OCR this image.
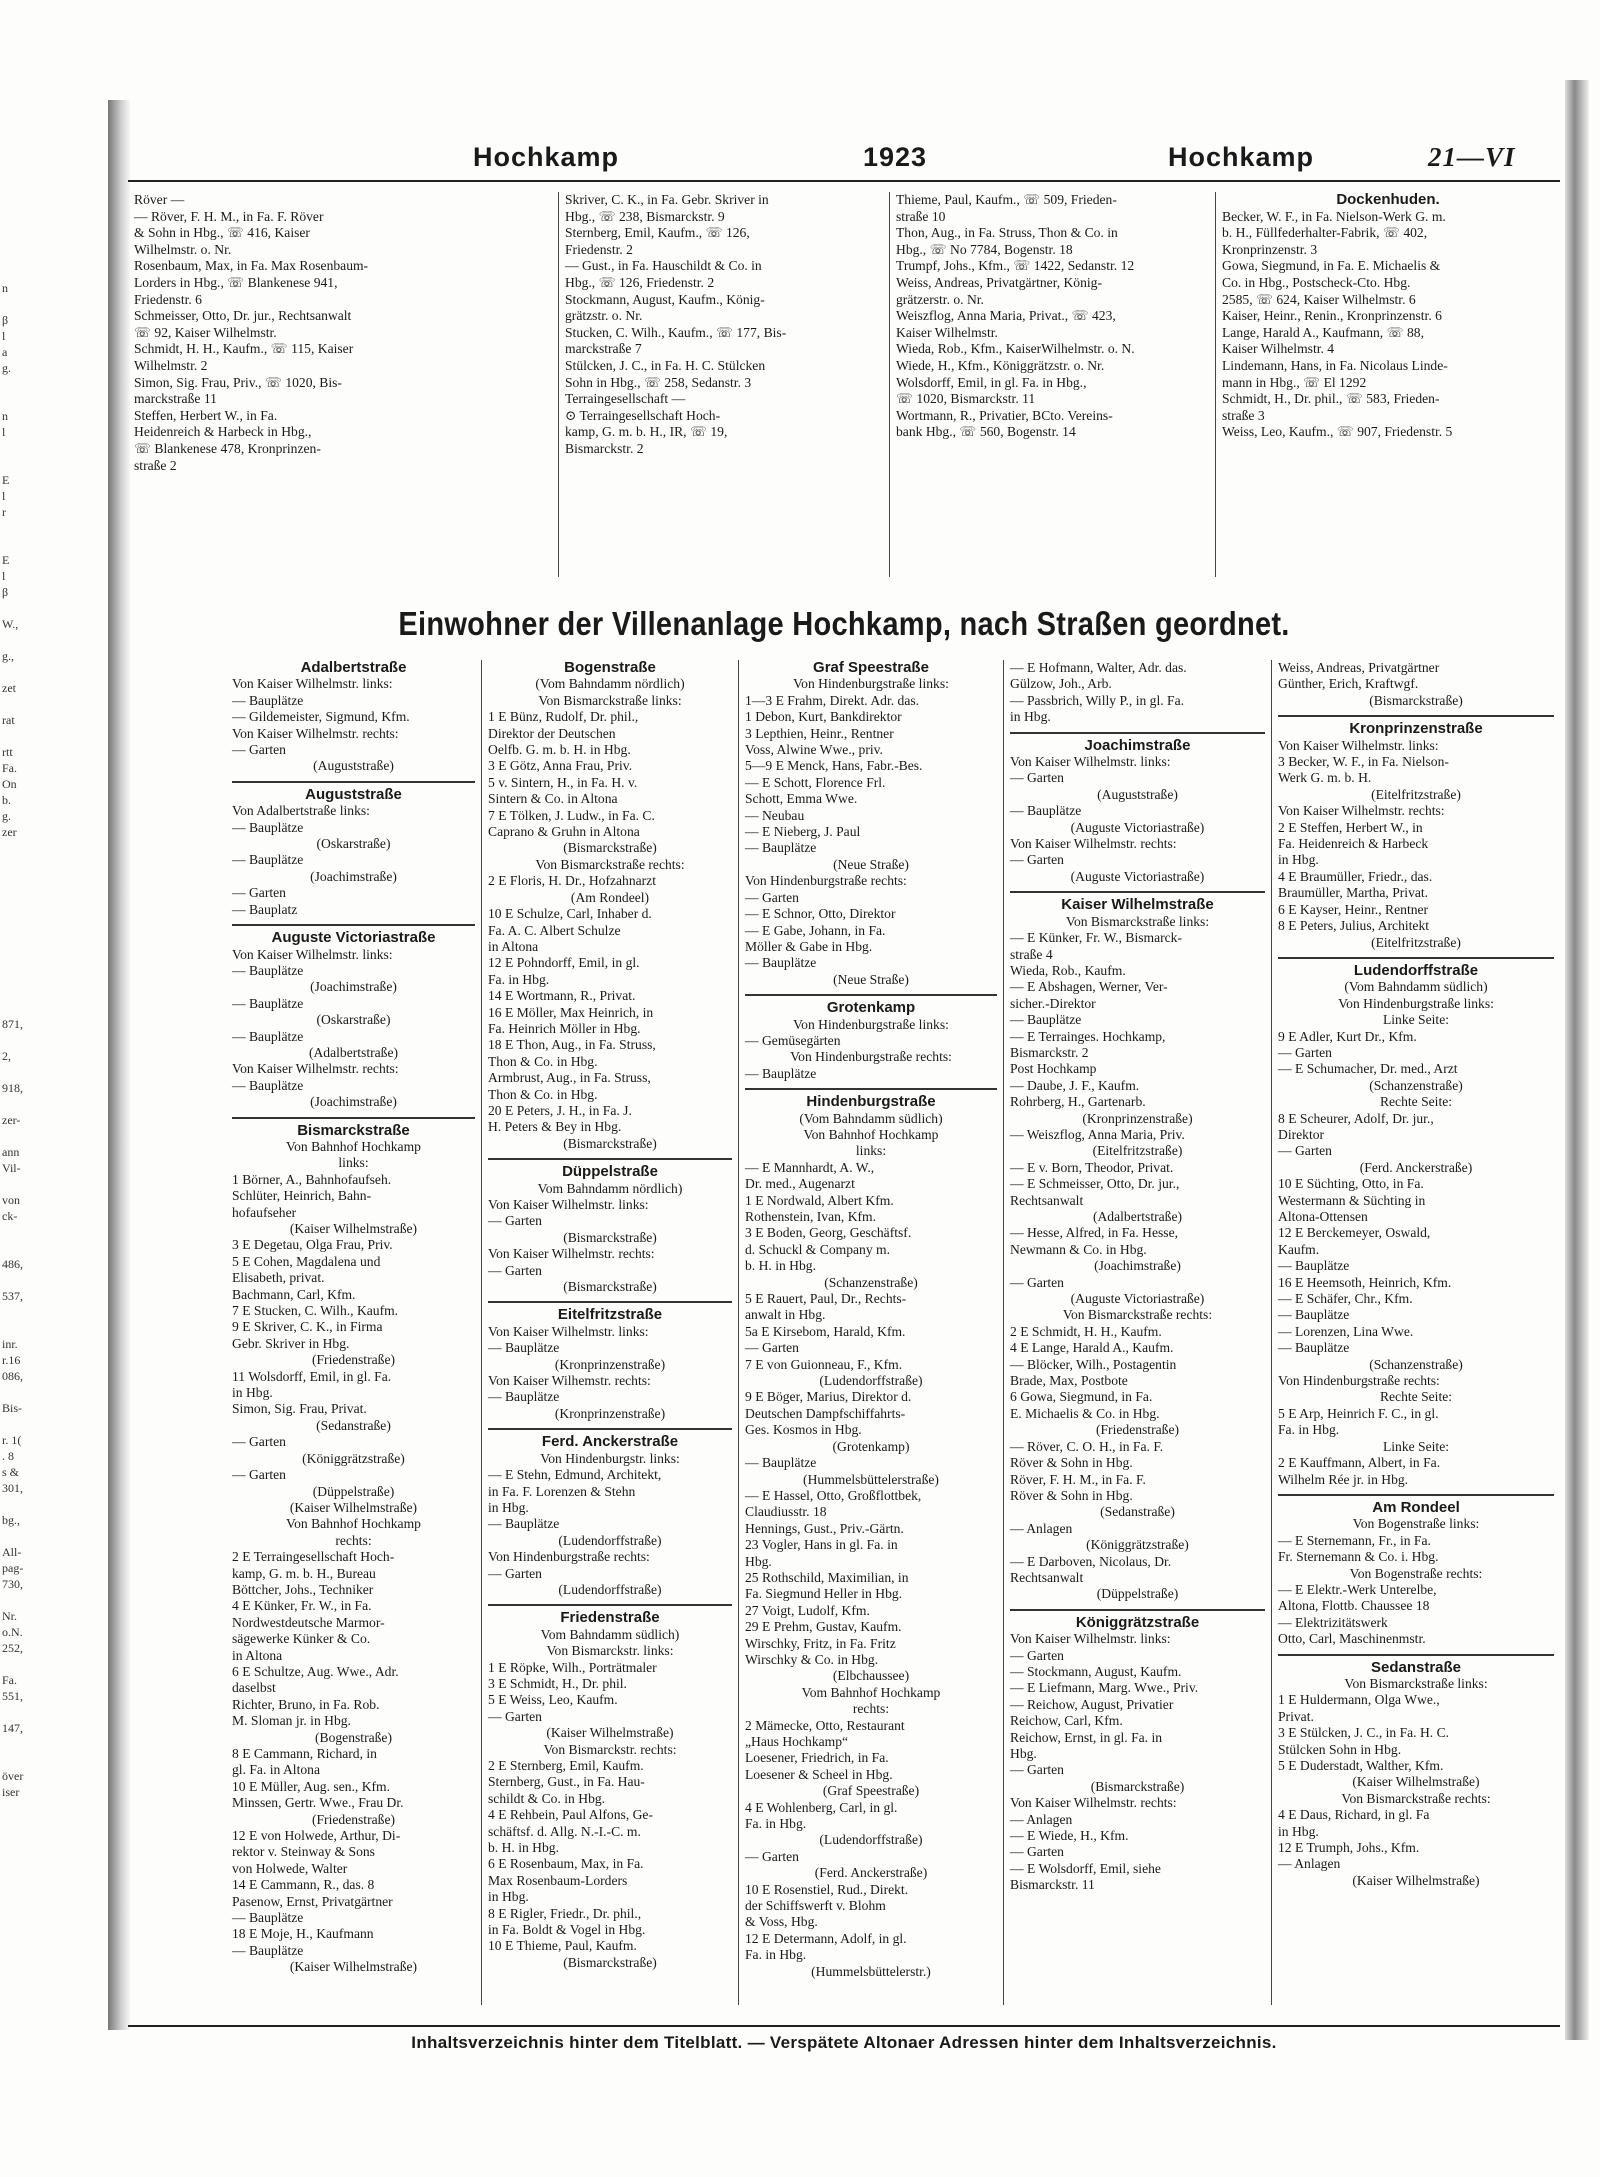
n

β
l
a
g.

n
l

E
l
r

E
l
β

W.,

g.,

zet

rat

rtt
Fa.
On
b.
g.
zer

871,

2,

918,

zer-

ann
Vil-

von
ck-

486,

537,

inr.
r.16
086,

Bis-

r. 1(
. 8
s &
301,

bg.,

All-
pag-
730,

Nr.
o.N.
252,

Fa.
551,

147,

över
iser
Hochkamp	1923	Hochkamp	21—VI
Röver —
— Röver, F. H. M., in Fa. F. Röver
& Sohn in Hbg., ☏ 416, Kaiser
Wilhelmstr. o. Nr.
Rosenbaum, Max, in Fa. Max Rosenbaum-
Lorders in Hbg., ☏ Blankenese 941,
Friedenstr. 6
Schmeisser, Otto, Dr. jur., Rechtsanwalt
☏ 92, Kaiser Wilhelmstr.
Schmidt, H. H., Kaufm., ☏ 115, Kaiser
Wilhelmstr. 2
Simon, Sig. Frau, Priv., ☏ 1020, Bis-
marckstraße 11
Steffen, Herbert W., in Fa.
Heidenreich & Harbeck in Hbg.,
☏ Blankenese 478, Kronprinzen-
straße 2
Skriver, C. K., in Fa. Gebr. Skriver in
Hbg., ☏ 238, Bismarckstr. 9
Sternberg, Emil, Kaufm., ☏ 126,
Friedenstr. 2
— Gust., in Fa. Hauschildt & Co. in
Hbg., ☏ 126, Friedenstr. 2
Stockmann, August, Kaufm., König-
grätzstr. o. Nr.
Stucken, C. Wilh., Kaufm., ☏ 177, Bis-
marckstraße 7
Stülcken, J. C., in Fa. H. C. Stülcken
Sohn in Hbg., ☏ 258, Sedanstr. 3
Terraingesellschaft —
⊙ Terraingesellschaft Hoch-
kamp, G. m. b. H., IR, ☏ 19,
Bismarckstr. 2
Thieme, Paul, Kaufm., ☏ 509, Frieden-
straße 10
Thon, Aug., in Fa. Struss, Thon & Co. in
Hbg., ☏ No 7784, Bogenstr. 18
Trumpf, Johs., Kfm., ☏ 1422, Sedanstr. 12
Weiss, Andreas, Privatgärtner, König-
grätzerstr. o. Nr.
Weiszflog, Anna Maria, Privat., ☏ 423,
Kaiser Wilhelmstr.
Wieda, Rob., Kfm., KaiserWilhelmstr. o. N.
Wiede, H., Kfm., Königgrätzstr. o. Nr.
Wolsdorff, Emil, in gl. Fa. in Hbg.,
☏ 1020, Bismarckstr. 11
Wortmann, R., Privatier, BCto. Vereins-
bank Hbg., ☏ 560, Bogenstr. 14
Dockenhuden.
Becker, W. F., in Fa. Nielson-Werk G. m.
b. H., Füllfederhalter-Fabrik, ☏ 402,
Kronprinzenstr. 3
Gowa, Siegmund, in Fa. E. Michaelis &
Co. in Hbg., Postscheck-Cto. Hbg.
2585, ☏ 624, Kaiser Wilhelmstr. 6
Kaiser, Heinr., Renin., Kronprinzenstr. 6
Lange, Harald A., Kaufmann, ☏ 88,
Kaiser Wilhelmstr. 4
Lindemann, Hans, in Fa. Nicolaus Linde-
mann in Hbg., ☏ El 1292
Schmidt, H., Dr. phil., ☏ 583, Frieden-
straße 3
Weiss, Leo, Kaufm., ☏ 907, Friedenstr. 5
Einwohner der Villenanlage Hochkamp, nach Straßen geordnet.
Adalbertstraße
Von Kaiser Wilhelmstr. links:
— Bauplätze
— Gildemeister, Sigmund, Kfm.
Von Kaiser Wilhelmstr. rechts:
— Garten
(Auguststraße)
Auguststraße
Von Adalbertstraße links:
— Bauplätze
(Oskarstraße)
— Bauplätze
(Joachimstraße)
— Garten
— Bauplatz
Auguste Victoriastraße
Von Kaiser Wilhelmstr. links:
— Bauplätze
(Joachimstraße)
— Bauplätze
(Oskarstraße)
— Bauplätze
(Adalbertstraße)
Von Kaiser Wilhelmstr. rechts:
— Bauplätze
(Joachimstraße)
Bismarckstraße
Von Bahnhof Hochkamp
links:
1 Börner, A., Bahnhofaufseh.
Schlüter, Heinrich, Bahn-
hofaufseher
(Kaiser Wilhelmstraße)
3 E Degetau, Olga Frau, Priv.
5 E Cohen, Magdalena und
Elisabeth, privat.
Bachmann, Carl, Kfm.
7 E Stucken, C. Wilh., Kaufm.
9 E Skriver, C. K., in Firma
Gebr. Skriver in Hbg.
(Friedenstraße)
11 Wolsdorff, Emil, in gl. Fa.
in Hbg.
Simon, Sig. Frau, Privat.
(Sedanstraße)
— Garten
(Königgrätzstraße)
— Garten
(Düppelstraße)
(Kaiser Wilhelmstraße)
Von Bahnhof Hochkamp
rechts:
2 E Terraingesellschaft Hoch-
kamp, G. m. b. H., Bureau
Böttcher, Johs., Techniker
4 E Künker, Fr. W., in Fa.
Nordwestdeutsche Marmor-
sägewerke Künker & Co.
in Altona
6 E Schultze, Aug. Wwe., Adr.
daselbst
Richter, Bruno, in Fa. Rob.
M. Sloman jr. in Hbg.
(Bogenstraße)
8 E Cammann, Richard, in
gl. Fa. in Altona
10 E Müller, Aug. sen., Kfm.
Minssen, Gertr. Wwe., Frau Dr.
(Friedenstraße)
12 E von Holwede, Arthur, Di-
rektor v. Steinway & Sons
von Holwede, Walter
14 E Cammann, R., das. 8
Pasenow, Ernst, Privatgärtner
— Bauplätze
18 E Moje, H., Kaufmann
— Bauplätze
(Kaiser Wilhelmstraße)
Bogenstraße
(Vom Bahndamm nördlich)
Von Bismarckstraße links:
1 E Bünz, Rudolf, Dr. phil.,
Direktor der Deutschen
Oelfb. G. m. b. H. in Hbg.
3 E Götz, Anna Frau, Priv.
5 v. Sintern, H., in Fa. H. v.
Sintern & Co. in Altona
7 E Tölken, J. Ludw., in Fa. C.
Caprano & Gruhn in Altona
(Bismarckstraße)
Von Bismarckstraße rechts:
2 E Floris, H. Dr., Hofzahnarzt
(Am Rondeel)
10 E Schulze, Carl, Inhaber d.
Fa. A. C. Albert Schulze
in Altona
12 E Pohndorff, Emil, in gl.
Fa. in Hbg.
14 E Wortmann, R., Privat.
16 E Möller, Max Heinrich, in
Fa. Heinrich Möller in Hbg.
18 E Thon, Aug., in Fa. Struss,
Thon & Co. in Hbg.
Armbrust, Aug., in Fa. Struss,
Thon & Co. in Hbg.
20 E Peters, J. H., in Fa. J.
H. Peters & Bey in Hbg.
(Bismarckstraße)
Düppelstraße
Vom Bahndamm nördlich)
Von Kaiser Wilhelmstr. links:
— Garten
(Bismarckstraße)
Von Kaiser Wilhelmstr. rechts:
— Garten
(Bismarckstraße)
Eitelfritzstraße
Von Kaiser Wilhelmstr. links:
— Bauplätze
(Kronprinzenstraße)
Von Kaiser Wilhemstr. rechts:
— Bauplätze
(Kronprinzenstraße)
Ferd. Anckerstraße
Von Hindenburgstr. links:
— E Stehn, Edmund, Architekt,
in Fa. F. Lorenzen & Stehn
in Hbg.
— Bauplätze
(Ludendorffstraße)
Von Hindenburgstraße rechts:
— Garten
(Ludendorffstraße)
Friedenstraße
Vom Bahndamm südlich)
Von Bismarckstr. links:
1 E Röpke, Wilh., Porträtmaler
3 E Schmidt, H., Dr. phil.
5 E Weiss, Leo, Kaufm.
— Garten
(Kaiser Wilhelmstraße)
Von Bismarckstr. rechts:
2 E Sternberg, Emil, Kaufm.
Sternberg, Gust., in Fa. Hau-
schildt & Co. in Hbg.
4 E Rehbein, Paul Alfons, Ge-
schäftsf. d. Allg. N.-I.-C. m.
b. H. in Hbg.
6 E Rosenbaum, Max, in Fa.
Max Rosenbaum-Lorders
in Hbg.
8 E Rigler, Friedr., Dr. phil.,
in Fa. Boldt & Vogel in Hbg.
10 E Thieme, Paul, Kaufm.
(Bismarckstraße)
Graf Speestraße
Von Hindenburgstraße links:
1—3 E Frahm, Direkt. Adr. das.
1 Debon, Kurt, Bankdirektor
3 Lepthien, Heinr., Rentner
Voss, Alwine Wwe., priv.
5—9 E Menck, Hans, Fabr.-Bes.
— E Schott, Florence Frl.
Schott, Emma Wwe.
— Neubau
— E Nieberg, J. Paul
— Bauplätze
(Neue Straße)
Von Hindenburgstraße rechts:
— Garten
— E Schnor, Otto, Direktor
— E Gabe, Johann, in Fa.
Möller & Gabe in Hbg.
— Bauplätze
(Neue Straße)
Grotenkamp
Von Hindenburgstraße links:
— Gemüsegärten
Von Hindenburgstraße rechts:
— Bauplätze
Hindenburgstraße
(Vom Bahndamm südlich)
Von Bahnhof Hochkamp
links:
— E Mannhardt, A. W.,
Dr. med., Augenarzt
1 E Nordwald, Albert Kfm.
Rothenstein, Ivan, Kfm.
3 E Boden, Georg, Geschäftsf.
d. Schuckl & Company m.
b. H. in Hbg.
(Schanzenstraße)
5 E Rauert, Paul, Dr., Rechts-
anwalt in Hbg.
5a E Kirsebom, Harald, Kfm.
— Garten
7 E von Guionneau, F., Kfm.
(Ludendorffstraße)
9 E Böger, Marius, Direktor d.
Deutschen Dampfschiffahrts-
Ges. Kosmos in Hbg.
(Grotenkamp)
— Bauplätze
(Hummelsbüttelerstraße)
— E Hassel, Otto, Großflottbek,
Claudiusstr. 18
Hennings, Gust., Priv.-Gärtn.
23 Vogler, Hans in gl. Fa. in
Hbg.
25 Rothschild, Maximilian, in
Fa. Siegmund Heller in Hbg.
27 Voigt, Ludolf, Kfm.
29 E Prehm, Gustav, Kaufm.
Wirschky, Fritz, in Fa. Fritz
Wirschky & Co. in Hbg.
(Elbchaussee)
Vom Bahnhof Hochkamp
rechts:
2 Mämecke, Otto, Restaurant
„Haus Hochkamp“
Loesener, Friedrich, in Fa.
Loesener & Scheel in Hbg.
(Graf Speestraße)
4 E Wohlenberg, Carl, in gl.
Fa. in Hbg.
(Ludendorffstraße)
— Garten
(Ferd. Anckerstraße)
10 E Rosenstiel, Rud., Direkt.
der Schiffswerft v. Blohm
& Voss, Hbg.
12 E Determann, Adolf, in gl.
Fa. in Hbg.
(Hummelsbüttelerstr.)
— E Hofmann, Walter, Adr. das.
Gülzow, Joh., Arb.
— Passbrich, Willy P., in gl. Fa.
in Hbg.
Joachimstraße
Von Kaiser Wilhelmstr. links:
— Garten
(Auguststraße)
— Bauplätze
(Auguste Victoriastraße)
Von Kaiser Wilhelmstr. rechts:
— Garten
(Auguste Victoriastraße)
Kaiser Wilhelmstraße
Von Bismarckstraße links:
— E Künker, Fr. W., Bismarck-
straße 4
Wieda, Rob., Kaufm.
— E Abshagen, Werner, Ver-
sicher.-Direktor
— Bauplätze
— E Terrainges. Hochkamp,
Bismarckstr. 2
Post Hochkamp
— Daube, J. F., Kaufm.
Rohrberg, H., Gartenarb.
(Kronprinzenstraße)
— Weiszflog, Anna Maria, Priv.
(Eitelfritzstraße)
— E v. Born, Theodor, Privat.
— E Schmeisser, Otto, Dr. jur.,
Rechtsanwalt
(Adalbertstraße)
— Hesse, Alfred, in Fa. Hesse,
Newmann & Co. in Hbg.
(Joachimstraße)
— Garten
(Auguste Victoriastraße)
Von Bismarckstraße rechts:
2 E Schmidt, H. H., Kaufm.
4 E Lange, Harald A., Kaufm.
— Blöcker, Wilh., Postagentin
Brade, Max, Postbote
6 Gowa, Siegmund, in Fa.
E. Michaelis & Co. in Hbg.
(Friedenstraße)
— Röver, C. O. H., in Fa. F.
Röver & Sohn in Hbg.
Röver, F. H. M., in Fa. F.
Röver & Sohn in Hbg.
(Sedanstraße)
— Anlagen
(Königgrätzstraße)
— E Darboven, Nicolaus, Dr.
Rechtsanwalt
(Düppelstraße)
Königgrätzstraße
Von Kaiser Wilhelmstr. links:
— Garten
— Stockmann, August, Kaufm.
— E Liefmann, Marg. Wwe., Priv.
— Reichow, August, Privatier
Reichow, Carl, Kfm.
Reichow, Ernst, in gl. Fa. in
Hbg.
— Garten
(Bismarckstraße)
Von Kaiser Wilhelmstr. rechts:
— Anlagen
— E Wiede, H., Kfm.
— Garten
— E Wolsdorff, Emil, siehe
Bismarckstr. 11
Weiss, Andreas, Privatgärtner
Günther, Erich, Kraftwgf.
(Bismarckstraße)
Kronprinzenstraße
Von Kaiser Wilhelmstr. links:
3 Becker, W. F., in Fa. Nielson-
Werk G. m. b. H.
(Eitelfritzstraße)
Von Kaiser Wilhelmstr. rechts:
2 E Steffen, Herbert W., in
Fa. Heidenreich & Harbeck
in Hbg.
4 E Braumüller, Friedr., das.
Braumüller, Martha, Privat.
6 E Kayser, Heinr., Rentner
8 E Peters, Julius, Architekt
(Eitelfritzstraße)
Ludendorffstraße
(Vom Bahndamm südlich)
Von Hindenburgstraße links:
Linke Seite:
9 E Adler, Kurt Dr., Kfm.
— Garten
— E Schumacher, Dr. med., Arzt
(Schanzenstraße)
Rechte Seite:
8 E Scheurer, Adolf, Dr. jur.,
Direktor
— Garten
(Ferd. Anckerstraße)
10 E Süchting, Otto, in Fa.
Westermann & Süchting in
Altona-Ottensen
12 E Berckemeyer, Oswald,
Kaufm.
— Bauplätze
16 E Heemsoth, Heinrich, Kfm.
— E Schäfer, Chr., Kfm.
— Bauplätze
— Lorenzen, Lina Wwe.
— Bauplätze
(Schanzenstraße)
Von Hindenburgstraße rechts:
Rechte Seite:
5 E Arp, Heinrich F. C., in gl.
Fa. in Hbg.
Linke Seite:
2 E Kauffmann, Albert, in Fa.
Wilhelm Rée jr. in Hbg.
Am Rondeel
Von Bogenstraße links:
— E Sternemann, Fr., in Fa.
Fr. Sternemann & Co. i. Hbg.
Von Bogenstraße rechts:
— E Elektr.-Werk Unterelbe,
Altona, Flottb. Chaussee 18
— Elektrizitätswerk
Otto, Carl, Maschinenmstr.
Sedanstraße
Von Bismarckstraße links:
1 E Huldermann, Olga Wwe.,
Privat.
3 E Stülcken, J. C., in Fa. H. C.
Stülcken Sohn in Hbg.
5 E Duderstadt, Walther, Kfm.
(Kaiser Wilhelmstraße)
Von Bismarckstraße rechts:
4 E Daus, Richard, in gl. Fa
in Hbg.
12 E Trumph, Johs., Kfm.
— Anlagen
(Kaiser Wilhelmstraße)
Inhaltsverzeichnis hinter dem Titelblatt. — Verspätete Altonaer Adressen hinter dem Inhaltsverzeichnis.
